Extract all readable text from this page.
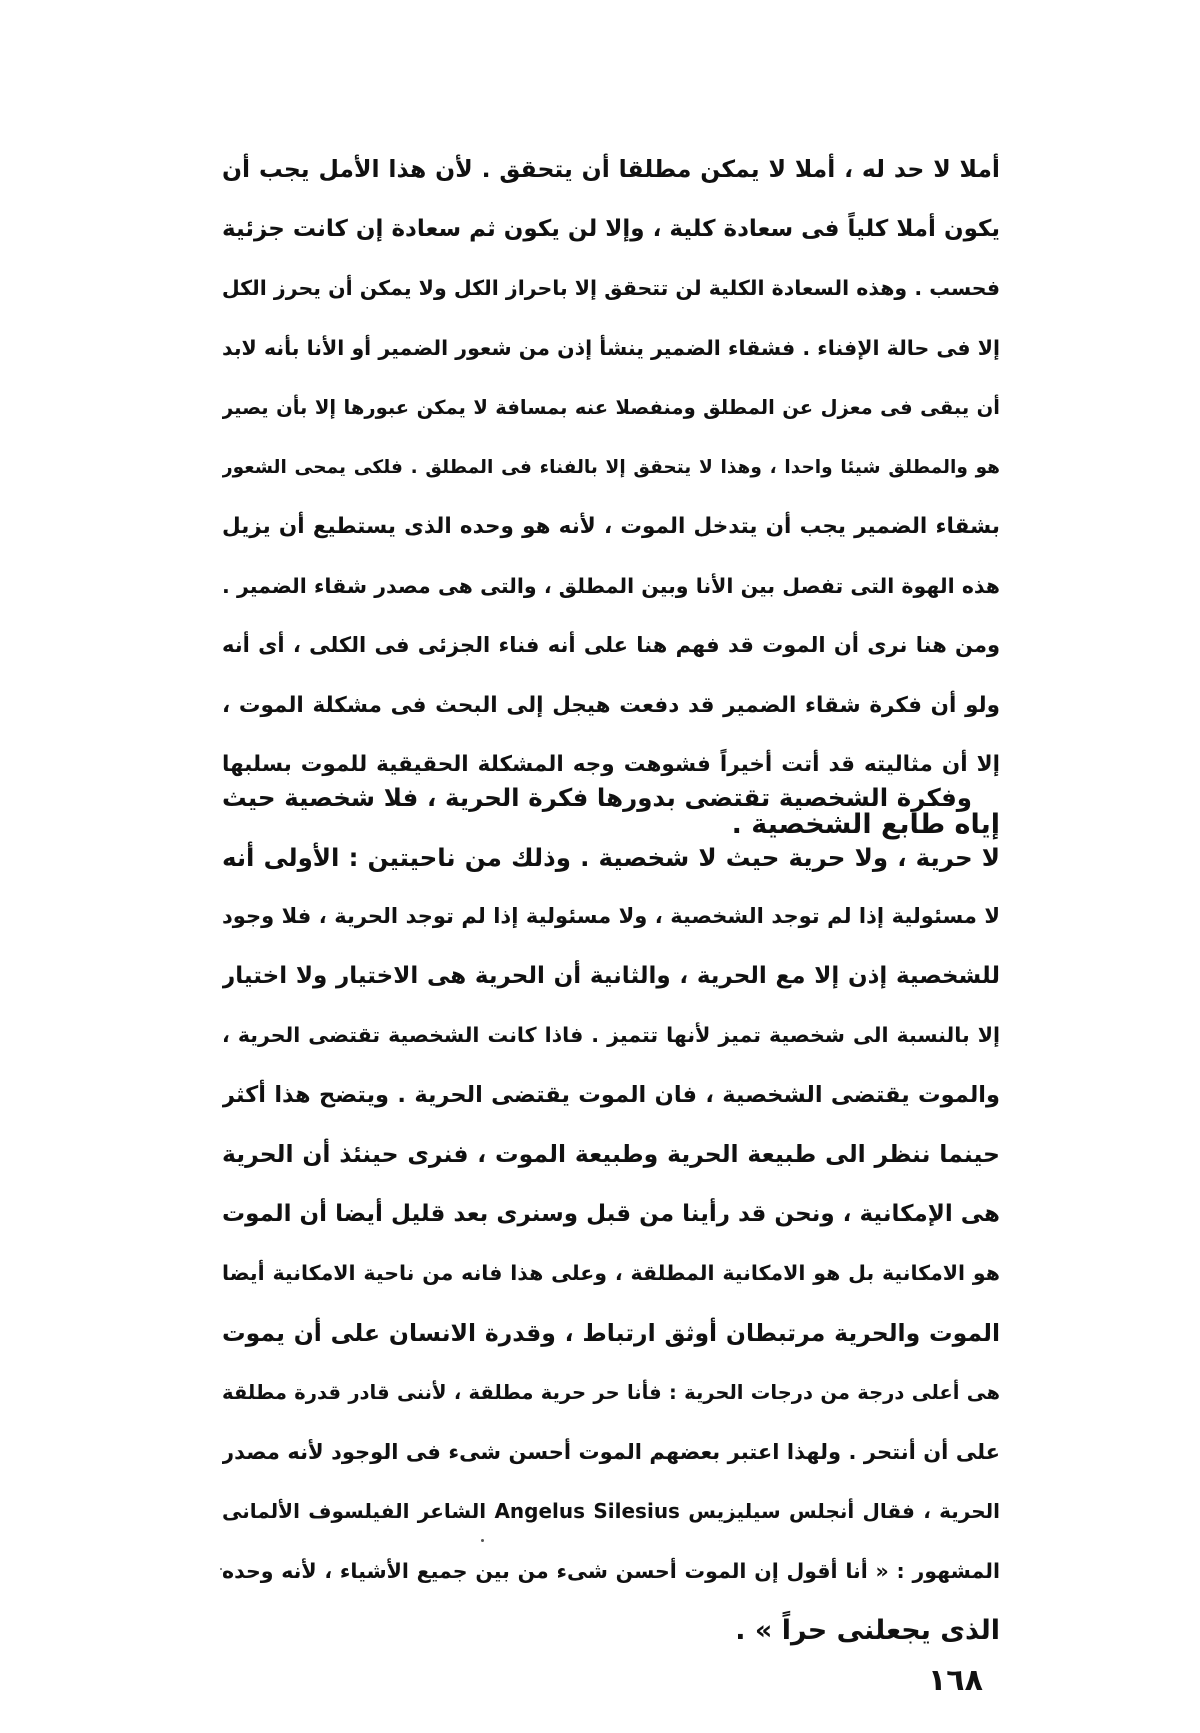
أملا لا حد له ، أملا لا يمكن مطلقا أن يتحقق . لأن هذا الأمل يجب أن
يكون أملا كلياً فى سعادة كلية ، وإلا لن يكون ثم سعادة إن كانت جزئية
فحسب . وهذه السعادة الكلية لن تتحقق إلا باحراز الكل ولا يمكن أن يحرز الكل
إلا فى حالة الإفناء . فشقاء الضمير ينشأ إذن من شعور الضمير أو الأنا بأنه لابد
أن يبقى فى معزل عن المطلق ومنفصلا عنه بمسافة لا يمكن عبورها إلا بأن يصير
هو والمطلق شيئا واحدا ، وهذا لا يتحقق إلا بالفناء فى المطلق . فلكى يمحى الشعور
بشقاء الضمير يجب أن يتدخل الموت ، لأنه هو وحده الذى يستطيع أن يزيل
هذه الهوة التى تفصل بين الأنا وبين المطلق ، والتى هى مصدر شقاء الضمير .
ومن هنا نرى أن الموت قد فهم هنا على أنه فناء الجزئى فى الكلى ، أى أنه
ولو أن فكرة شقاء الضمير قد دفعت هيجل إلى البحث فى مشكلة الموت ،
إلا أن مثاليته قد أتت أخيراً فشوهت وجه المشكلة الحقيقية للموت بسلبها
إياه طابع الشخصية .
وفكرة الشخصية تقتضى بدورها فكرة الحرية ، فلا شخصية حيث
لا حرية ، ولا حرية حيث لا شخصية . وذلك من ناحيتين : الأولى أنه
لا مسئولية إذا لم توجد الشخصية ، ولا مسئولية إذا لم توجد الحرية ، فلا وجود
للشخصية إذن إلا مع الحرية ، والثانية أن الحرية هى الاختيار ولا اختيار
إلا بالنسبة الى شخصية تميز لأنها تتميز . فاذا كانت الشخصية تقتضى الحرية ،
والموت يقتضى الشخصية ، فان الموت يقتضى الحرية . ويتضح هذا أكثر
حينما ننظر الى طبيعة الحرية وطبيعة الموت ، فنرى حينئذ أن الحرية
هى الإمكانية ، ونحن قد رأينا من قبل وسنرى بعد قليل أيضا أن الموت
هو الامكانية بل هو الامكانية المطلقة ، وعلى هذا فانه من ناحية الامكانية أيضا
الموت والحرية مرتبطان أوثق ارتباط ، وقدرة الانسان على أن يموت
هى أعلى درجة من درجات الحرية : فأنا حر حرية مطلقة ، لأننى قادر قدرة مطلقة
على أن أنتحر . ولهذا اعتبر بعضهم الموت أحسن شىء فى الوجود لأنه مصدر
الحرية ، فقال أنجلس سيليزيس Angelus Silesius الشاعر الفيلسوف الألمانى
المشهور : « أنا أقول إن الموت أحسن شىء من بين جميع الأشياء ، لأنه وحده
الذى يجعلنى حراً » .
١٦٨
